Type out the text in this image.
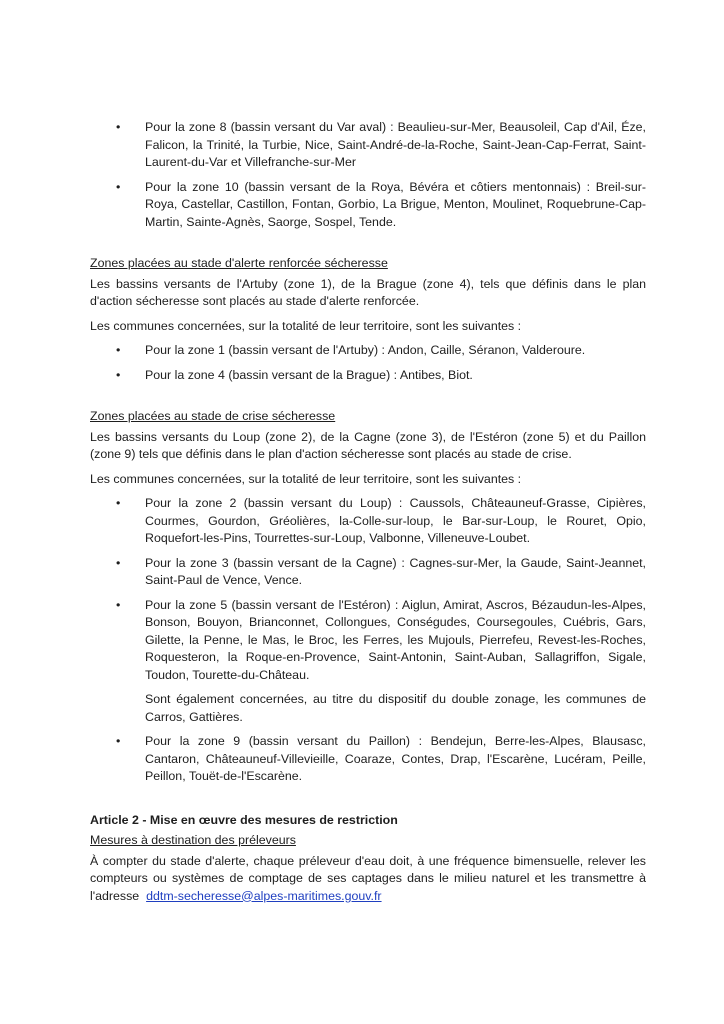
• Pour la zone 8 (bassin versant du Var aval) : Beaulieu-sur-Mer, Beausoleil, Cap d'Ail, Éze, Falicon, la Trinité, la Turbie, Nice, Saint-André-de-la-Roche, Saint-Jean-Cap-Ferrat, Saint-Laurent-du-Var et Villefranche-sur-Mer
• Pour la zone 10 (bassin versant de la Roya, Bévéra et côtiers mentonnais) : Breil-sur-Roya, Castellar, Castillon, Fontan, Gorbio, La Brigue, Menton, Moulinet, Roquebrune-Cap-Martin, Sainte-Agnès, Saorge, Sospel, Tende.

Zones placées au stade d'alerte renforcée sécheresse

Les bassins versants de l'Artuby (zone 1), de la Brague (zone 4), tels que définis dans le plan d'action sécheresse sont placés au stade d'alerte renforcée.

Les communes concernées, sur la totalité de leur territoire, sont les suivantes :

• Pour la zone 1 (bassin versant de l'Artuby) : Andon, Caille, Séranon, Valderoure.
• Pour la zone 4 (bassin versant de la Brague) : Antibes, Biot.

Zones placées au stade de crise sécheresse

Les bassins versants du Loup (zone 2), de la Cagne (zone 3), de l'Estéron (zone 5) et du Paillon (zone 9) tels que définis dans le plan d'action sécheresse sont placés au stade de crise.

Les communes concernées, sur la totalité de leur territoire, sont les suivantes :

• Pour la zone 2 (bassin versant du Loup) : Caussols, Châteauneuf-Grasse, Cipières, Courmes, Gourdon, Gréolières, la-Colle-sur-loup, le Bar-sur-Loup, le Rouret, Opio, Roquefort-les-Pins, Tourrettes-sur-Loup, Valbonne, Villeneuve-Loubet.
• Pour la zone 3 (bassin versant de la Cagne) : Cagnes-sur-Mer, la Gaude, Saint-Jeannet, Saint-Paul de Vence, Vence.
• Pour la zone 5 (bassin versant de l'Estéron) : Aiglun, Amirat, Ascros, Bézaudun-les-Alpes, Bonson, Bouyon, Brianconnet, Collongues, Conségudes, Coursegoules, Cuébris, Gars, Gilette, la Penne, le Mas, le Broc, les Ferres, les Mujouls, Pierrefeu, Revest-les-Roches, Roquesteron, la Roque-en-Provence, Saint-Antonin, Saint-Auban, Sallagriffon, Sigale, Toudon, Tourette-du-Château.

Sont également concernées, au titre du dispositif du double zonage, les communes de Carros, Gattières.

• Pour la zone 9 (bassin versant du Paillon) : Bendejun, Berre-les-Alpes, Blausasc, Cantaron, Châteauneuf-Villevieille, Coaraze, Contes, Drap, l'Escarène, Lucéram, Peille, Peillon, Touët-de-l'Escarène.

Article 2 - Mise en œuvre des mesures de restriction

Mesures à destination des préleveurs

À compter du stade d'alerte, chaque préleveur d'eau doit, à une fréquence bimensuelle, relever les compteurs ou systèmes de comptage de ses captages dans le milieu naturel et les transmettre à l'adresse ddtm-secheresse@alpes-maritimes.gouv.fr
